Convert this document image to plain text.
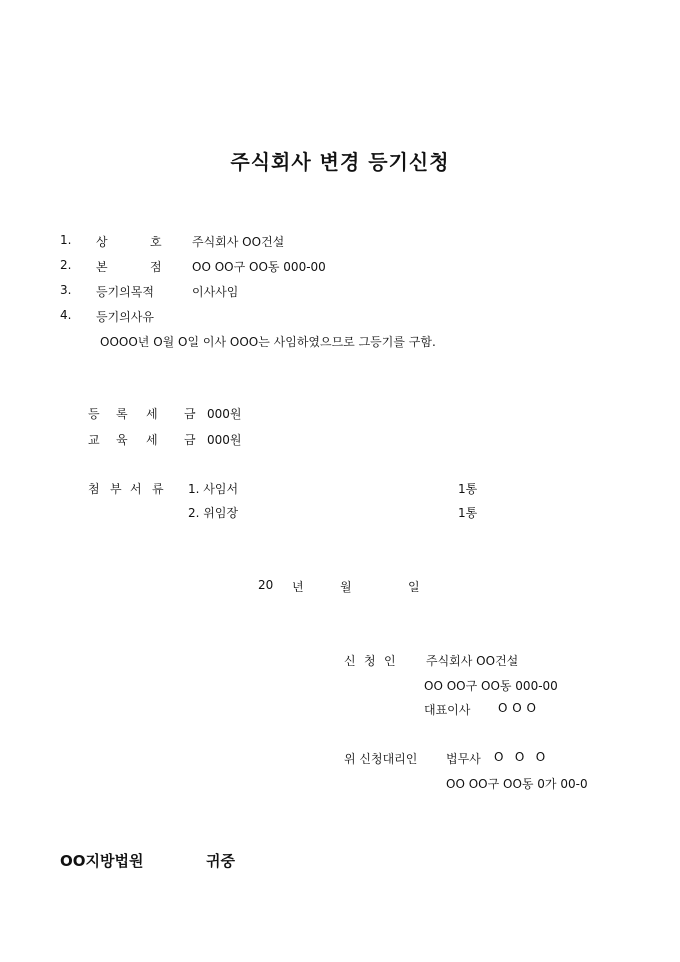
주식회사 변경 등기신청
1. 상	호	주식회사 OO건설
2. 본	점	OO OO구 OO동 000-00
3. 등기의목적	이사사임
4. 등기의사유
OOOO년 O월 O일 이사 OOO는 사임하였으므로 그등기를 구함.
등 록 세 금 000원
교 육 세 금 000원
첨 부 서 류 1. 사임서	1통
2. 위임장	1통
20 년	월	일
신 청 인	주식회사 OO건설
OO OO구 OO동 000-00
대표이사 O O O
위 신청대리인 법무사 O   O   O
OO OO구 OO동 0가 00-0
OO지방법원	귀중
